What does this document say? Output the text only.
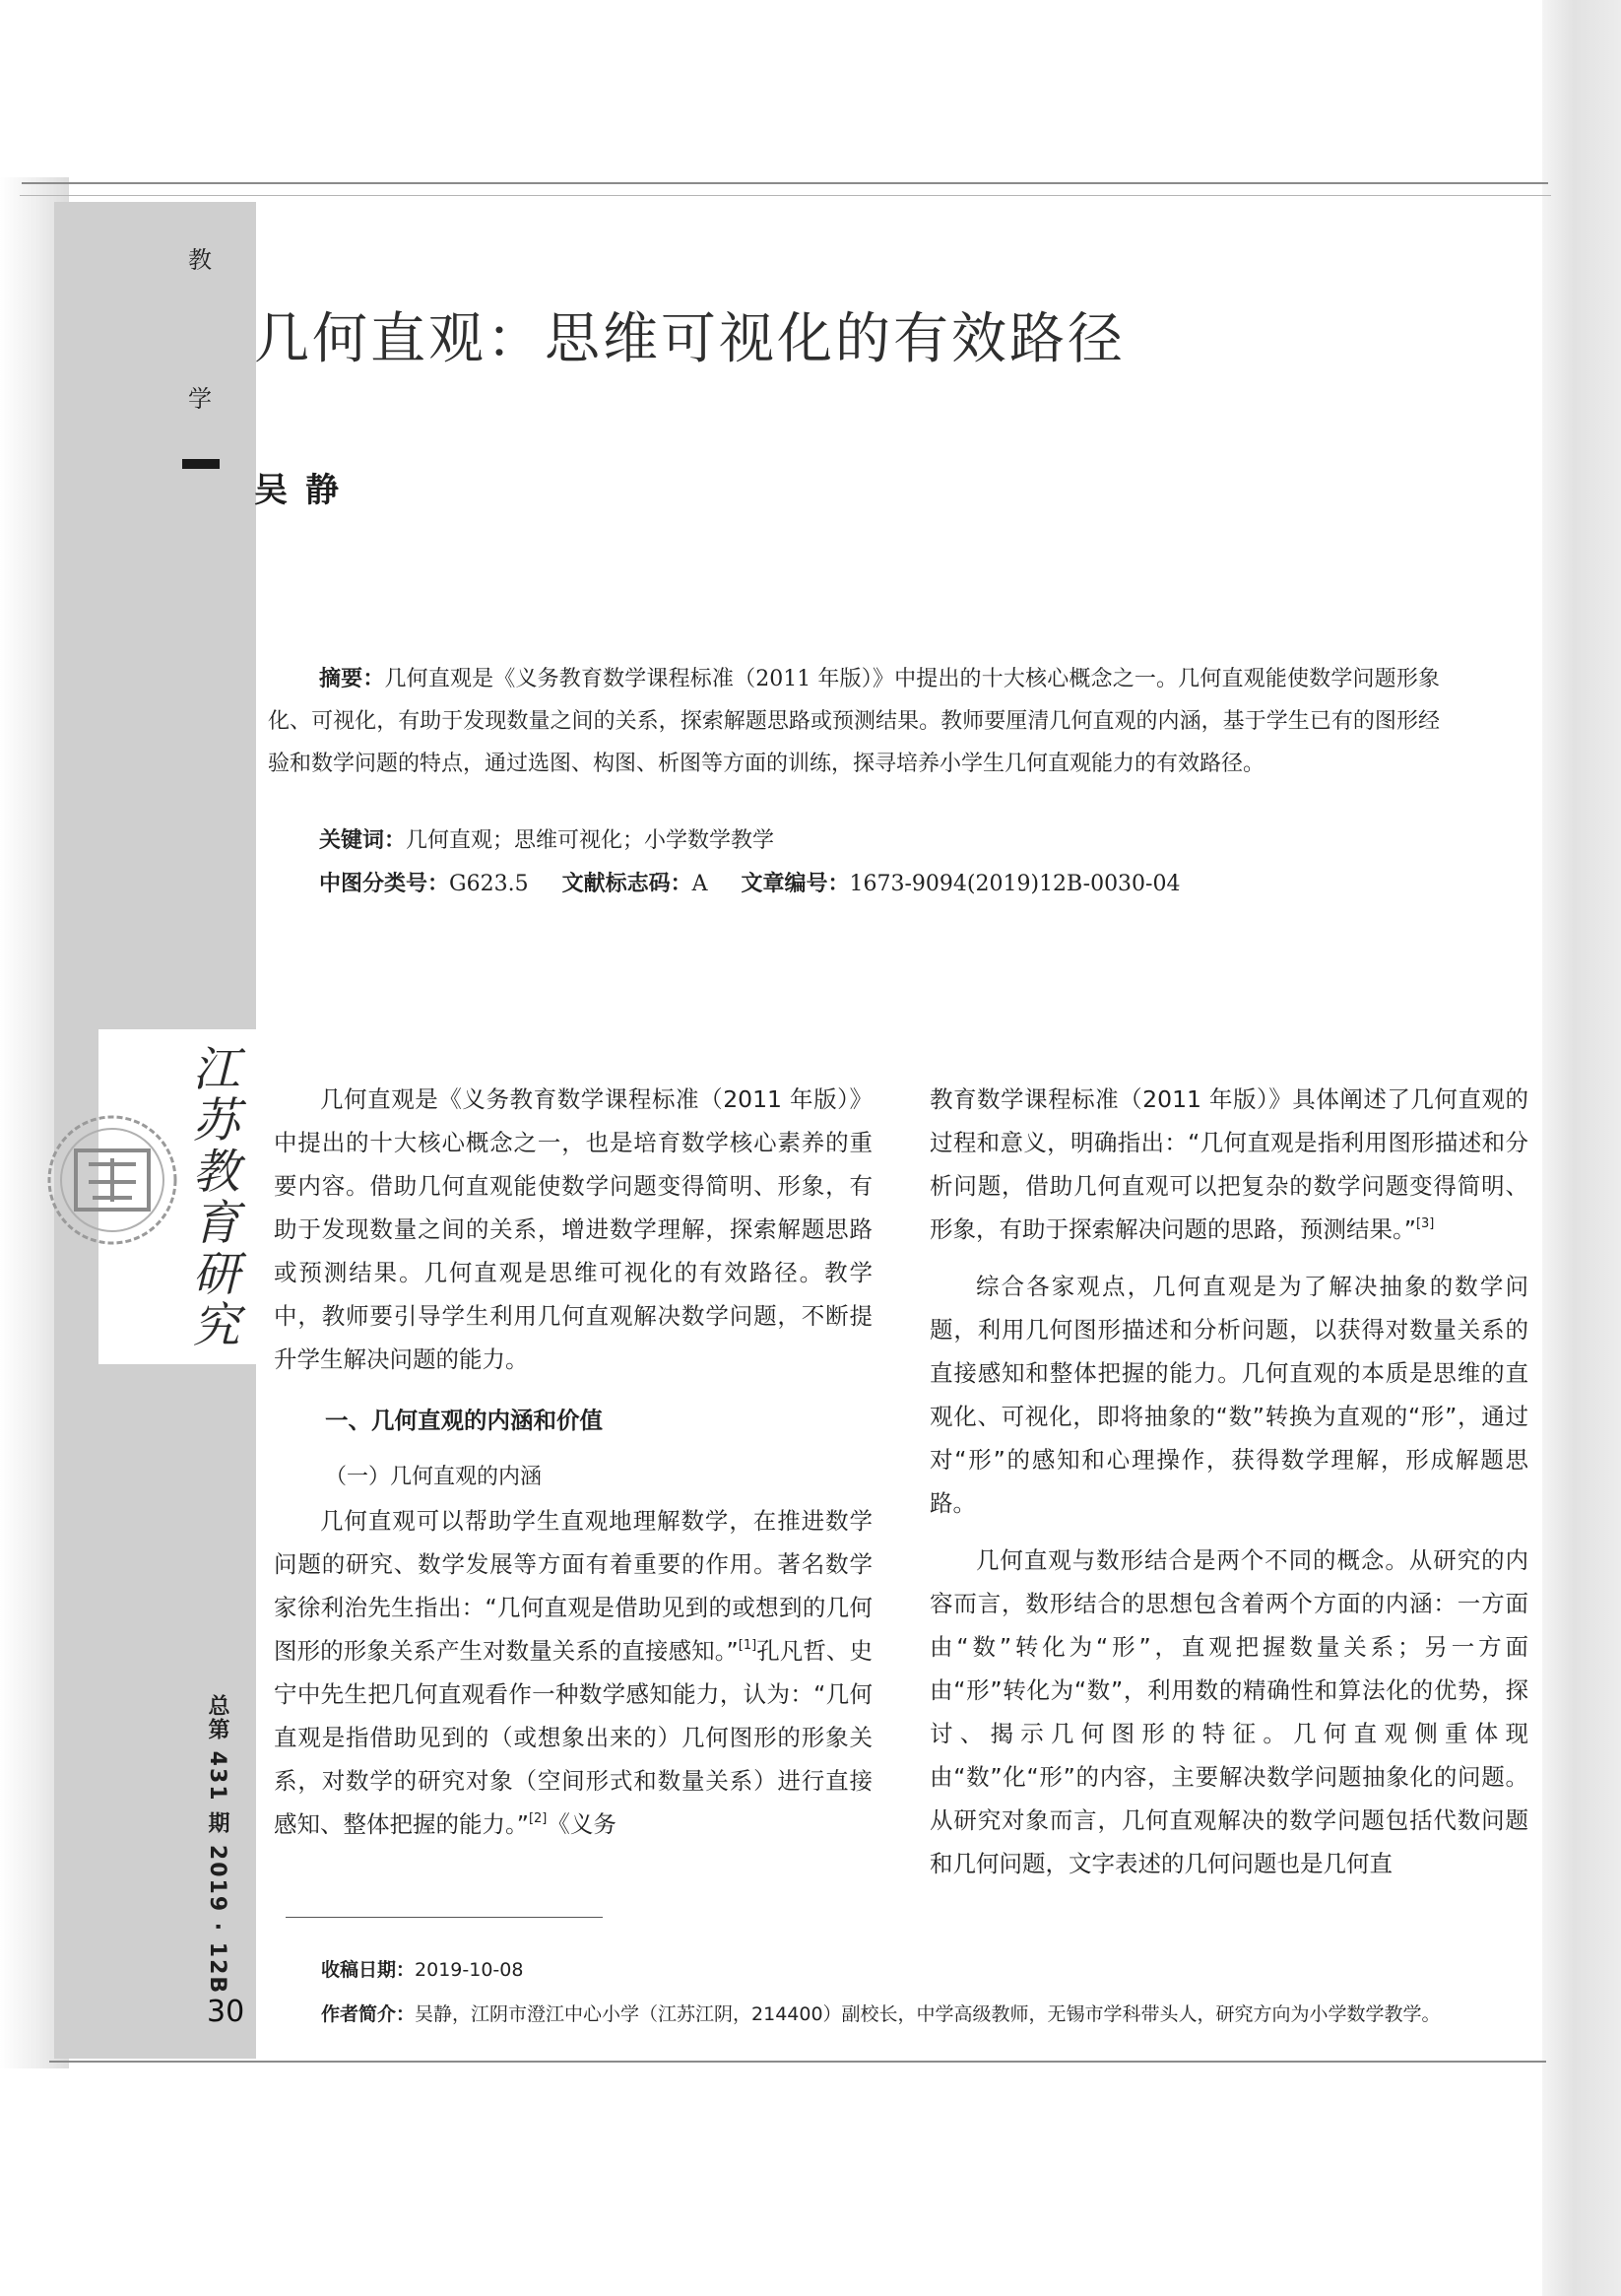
教
学
江苏教育研究
总第 431 期 2019 · 12B
30
几何直观：思维可视化的有效路径
吴静
摘要：几何直观是《义务教育数学课程标准（2011 年版）》中提出的十大核心概念之一。几何直观能使数学问题形象化、可视化，有助于发现数量之间的关系，探索解题思路或预测结果。教师要厘清几何直观的内涵，基于学生已有的图形经验和数学问题的特点，通过选图、构图、析图等方面的训练，探寻培养小学生几何直观能力的有效路径。
关键词：几何直观；思维可视化；小学数学教学
中图分类号：G623.5 文献标志码：A 文章编号：1673-9094(2019)12B-0030-04

几何直观是《义务教育数学课程标准（2011 年版）》中提出的十大核心概念之一，也是培育数学核心素养的重要内容。借助几何直观能使数学问题变得简明、形象，有助于发现数量之间的关系，增进数学理解，探索解题思路或预测结果。几何直观是思维可视化的有效路径。教学中，教师要引导学生利用几何直观解决数学问题，不断提升学生解决问题的能力。

一、几何直观的内涵和价值
（一）几何直观的内涵

几何直观可以帮助学生直观地理解数学，在推进数学问题的研究、数学发展等方面有着重要的作用。著名数学家徐利治先生指出：“几何直观是借助见到的或想到的几何图形的形象关系产生对数量关系的直接感知。”[1]孔凡哲、史宁中先生把几何直观看作一种数学感知能力，认为：“几何直观是指借助见到的（或想象出来的）几何图形的形象关系，对数学的研究对象（空间形式和数量关系）进行直接感知、整体把握的能力。”[2]《义务

教育数学课程标准（2011 年版）》具体阐述了几何直观的过程和意义，明确指出：“几何直观是指利用图形描述和分析问题，借助几何直观可以把复杂的数学问题变得简明、形象，有助于探索解决问题的思路，预测结果。”[3]

综合各家观点，几何直观是为了解决抽象的数学问题，利用几何图形描述和分析问题，以获得对数量关系的直接感知和整体把握的能力。几何直观的本质是思维的直观化、可视化，即将抽象的“数”转换为直观的“形”，通过对“形”的感知和心理操作，获得数学理解，形成解题思路。

几何直观与数形结合是两个不同的概念。从研究的内容而言，数形结合的思想包含着两个方面的内涵：一方面由“数”转化为“形”，直观把握数量关系；另一方面由“形”转化为“数”，利用数的精确性和算法化的优势，探讨、揭示几何图形的特征。几何直观侧重体现由“数”化“形”的内容，主要解决数学问题抽象化的问题。从研究对象而言，几何直观解决的数学问题包括代数问题和几何问题，文字表述的几何问题也是几何直

收稿日期：2019-10-08
作者简介：吴静，江阴市澄江中心小学（江苏江阴，214400）副校长，中学高级教师，无锡市学科带头人，研究方向为小学数学教学。
